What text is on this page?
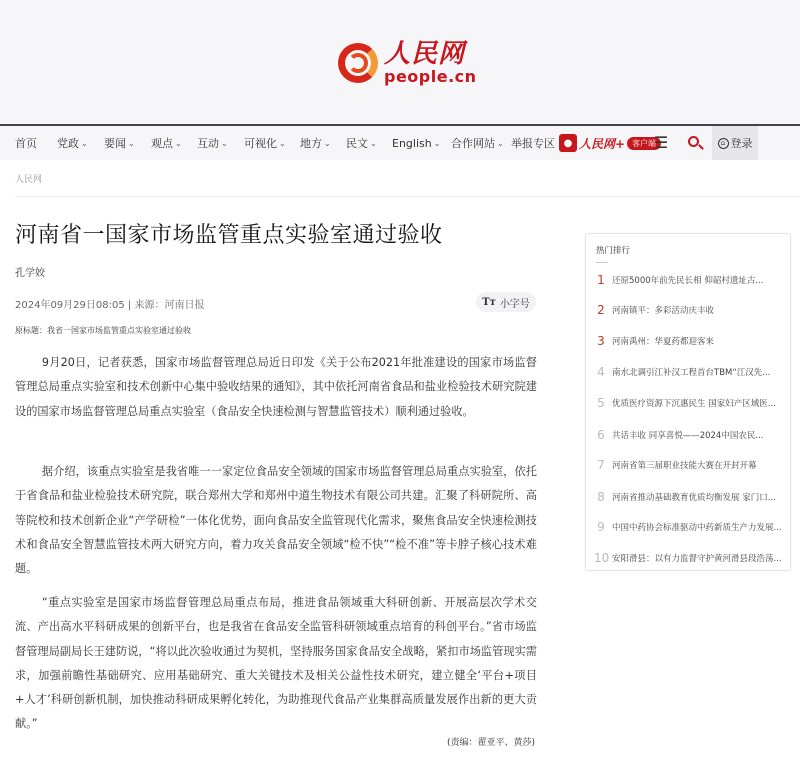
人民网
people.cn
首页 党政 ⌄ 要闻 ⌄ 观点 ⌄ 互动 ⌄ 可视化 ⌄ 地方 ⌄ 民文 ⌄ English ⌄ 合作网站 ⌄ 举报专区 ● 人民网+ 客户端
☰	⌂ 登录
人民网
河南省一国家市场监管重点实验室通过验收
孔学姣
2024年09月29日08:05 | 来源：河南日报	Tт 小字号
原标题：我省一国家市场监管重点实验室通过验收

9月20日，记者获悉，国家市场监督管理总局近日印发《关于公布2021年批准建设的国家市场监督管理总局重点实验室和技术创新中心集中验收结果的通知》，其中依托河南省食品和盐业检验技术研究院建设的国家市场监督管理总局重点实验室（食品安全快速检测与智慧监管技术）顺利通过验收。

据介绍，该重点实验室是我省唯一一家定位食品安全领域的国家市场监督管理总局重点实验室，依托于省食品和盐业检验技术研究院，联合郑州大学和郑州中道生物技术有限公司共建。汇聚了科研院所、高等院校和技术创新企业“产学研检”一体化优势，面向食品安全监管现代化需求，聚焦食品安全快速检测技术和食品安全智慧监管技术两大研究方向，着力攻关食品安全领域“检不快”“检不准”等卡脖子核心技术难题。

“重点实验室是国家市场监督管理总局重点布局，推进食品领域重大科研创新、开展高层次学术交流、产出高水平科研成果的创新平台，也是我省在食品安全监管科研领域重点培育的科创平台。”省市场监督管理局副局长王建防说，“将以此次验收通过为契机，坚持服务国家食品安全战略，紧扣市场监管现实需求，加强前瞻性基础研究、应用基础研究、重大关键技术及相关公益性技术研究，建立健全‘平台+项目+人才’科研创新机制，加快推动科研成果孵化转化，为助推现代食品产业集群高质量发展作出新的更大贡献。”

(责编：翟亚平、黄莎)
热门排行
1 还原5000年前先民长相 仰韶村遗址古...
2 河南镇平：多彩活动庆丰收
3 河南禹州：华夏药都迎客来
4 南水北调引江补汉工程首台TBM“江汉先...
5 优质医疗资源下沉惠民生 国家妇产区域医...
6 共话丰收 同享喜悦——2024中国农民...
7 河南省第三届职业技能大赛在开封开幕
8 河南省推动基础教育优质均衡发展 家门口...
9 中国中药协会标准驱动中药新质生产力发展...
10 安阳滑县：以有力监督守护黄河滑县段浩荡...
